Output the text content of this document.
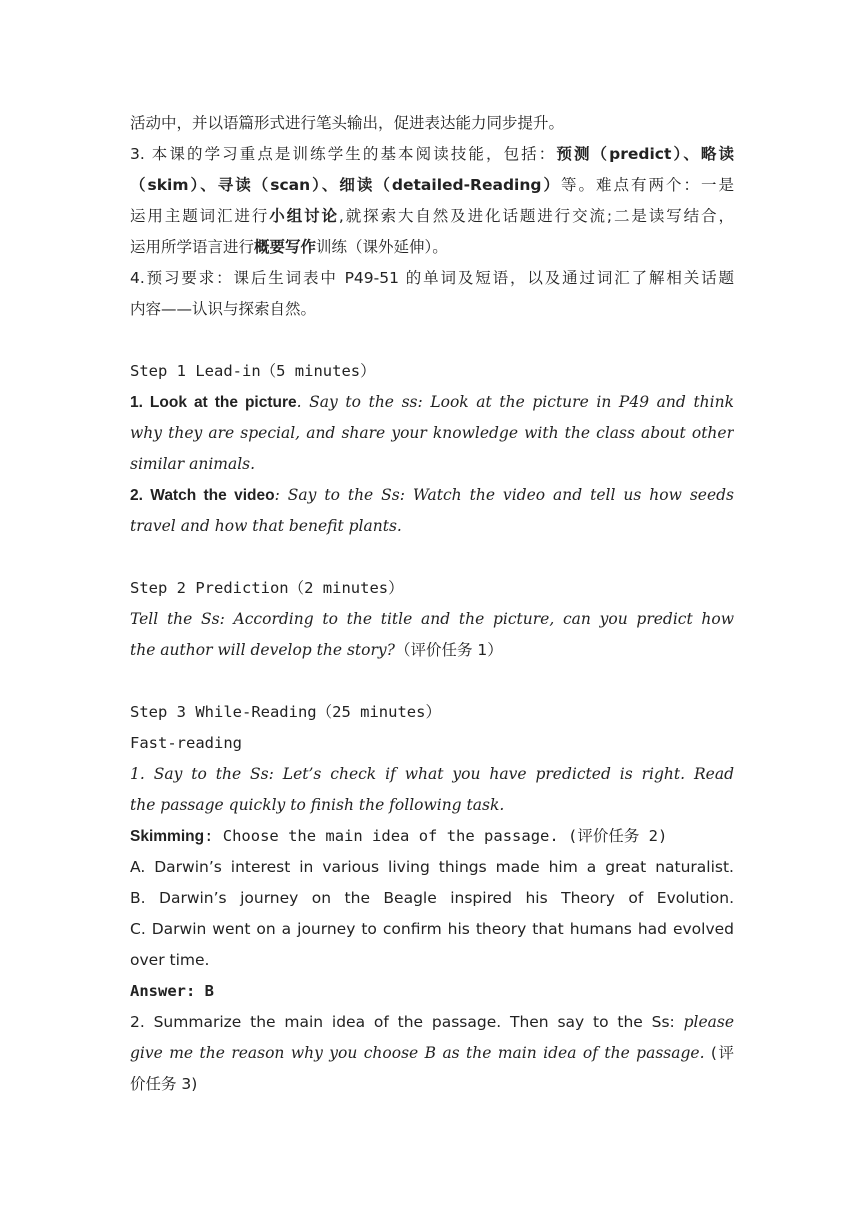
活动中，并以语篇形式进行笔头输出，促进表达能力同步提升。
3. 本课的学习重点是训练学生的基本阅读技能，包括：预测（predict）、略读
（skim）、寻读（scan）、细读（detailed-Reading）等。难点有两个：一是
运用主题词汇进行小组讨论,就探索大自然及进化话题进行交流;二是读写结合，
运用所学语言进行概要写作训练（课外延伸）。
4.预习要求：课后生词表中 P49-51 的单词及短语，以及通过词汇了解相关话题
内容——认识与探索自然。
Step 1 Lead-in（5 minutes）
1. Look at the picture. Say to the ss: Look at the picture in P49 and think
why they are special, and share your knowledge with the class about other
similar animals.
2. Watch the video: Say to the Ss: Watch the video and tell us how seeds
travel and how that benefit plants.
Step 2 Prediction（2 minutes）
Tell the Ss: According to the title and the picture, can you predict how
the author will develop the story?（评价任务 1）
Step 3 While-Reading（25 minutes）
Fast-reading
1. Say to the Ss: Let’s check if what you have predicted is right. Read
the passage quickly to finish the following task.
Skimming: Choose the main idea of the passage. (评价任务 2)
A. Darwin’s interest in various living things made him a great naturalist.
B. Darwin’s journey on the Beagle inspired his Theory of Evolution.
C. Darwin went on a journey to confirm his theory that humans had evolved
over time.
Answer: B
2. Summarize the main idea of the passage. Then say to the Ss: please
give me the reason why you choose B as the main idea of the passage. (评
价任务 3)
